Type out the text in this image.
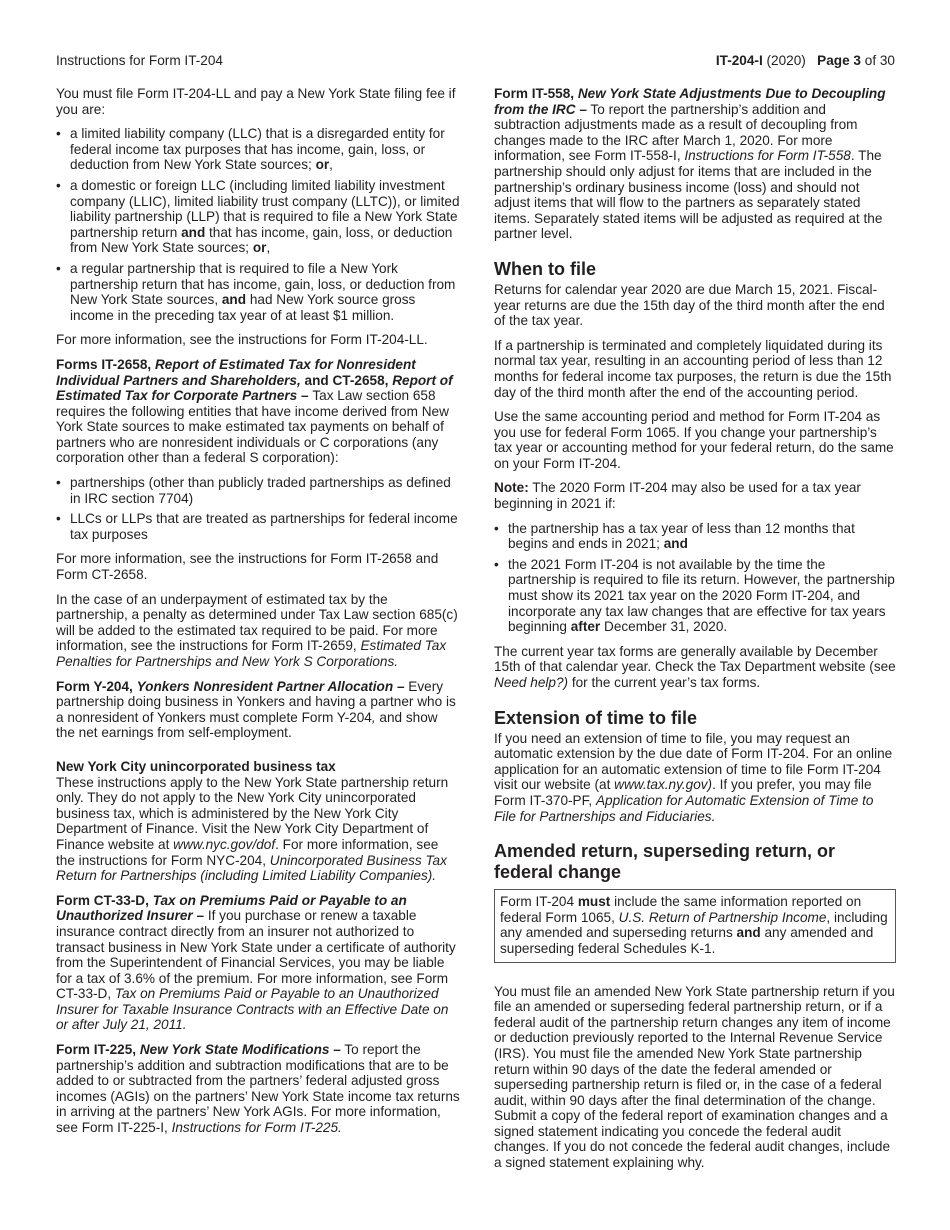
Instructions for Form IT-204	IT-204-I (2020) Page 3 of 30

You must file Form IT-204-LL and pay a New York State filing fee if you are:

• a limited liability company (LLC) that is a disregarded entity for federal income tax purposes that has income, gain, loss, or deduction from New York State sources; or,
• a domestic or foreign LLC (including limited liability investment company (LLIC), limited liability trust company (LLTC)), or limited liability partnership (LLP) that is required to file a New York State partnership return and that has income, gain, loss, or deduction from New York State sources; or,
• a regular partnership that is required to file a New York partnership return that has income, gain, loss, or deduction from New York State sources, and had New York source gross income in the preceding tax year of at least $1 million.

For more information, see the instructions for Form IT-204-LL.

Forms IT-2658, Report of Estimated Tax for Nonresident Individual Partners and Shareholders, and CT-2658, Report of Estimated Tax for Corporate Partners – Tax Law section 658 requires the following entities that have income derived from New York State sources to make estimated tax payments on behalf of partners who are nonresident individuals or C corporations (any corporation other than a federal S corporation):

• partnerships (other than publicly traded partnerships as defined in IRC section 7704)
• LLCs or LLPs that are treated as partnerships for federal income tax purposes

For more information, see the instructions for Form IT-2658 and Form CT-2658.

In the case of an underpayment of estimated tax by the partnership, a penalty as determined under Tax Law section 685(c) will be added to the estimated tax required to be paid. For more information, see the instructions for Form IT-2659, Estimated Tax Penalties for Partnerships and New York S Corporations.

Form Y-204, Yonkers Nonresident Partner Allocation – Every partnership doing business in Yonkers and having a partner who is a nonresident of Yonkers must complete Form Y-204, and show the net earnings from self-employment.

New York City unincorporated business tax

These instructions apply to the New York State partnership return only. They do not apply to the New York City unincorporated business tax, which is administered by the New York City Department of Finance. Visit the New York City Department of Finance website at www.nyc.gov/dof. For more information, see the instructions for Form NYC-204, Unincorporated Business Tax Return for Partnerships (including Limited Liability Companies).

Form CT-33-D, Tax on Premiums Paid or Payable to an Unauthorized Insurer – If you purchase or renew a taxable insurance contract directly from an insurer not authorized to transact business in New York State under a certificate of authority from the Superintendent of Financial Services, you may be liable for a tax of 3.6% of the premium. For more information, see Form CT-33-D, Tax on Premiums Paid or Payable to an Unauthorized Insurer for Taxable Insurance Contracts with an Effective Date on or after July 21, 2011.

Form IT-225, New York State Modifications – To report the partnership’s addition and subtraction modifications that are to be added to or subtracted from the partners’ federal adjusted gross incomes (AGIs) on the partners’ New York State income tax returns in arriving at the partners’ New York AGIs. For more information, see Form IT-225-I, Instructions for Form IT-225.

Form IT-558, New York State Adjustments Due to Decoupling from the IRC – To report the partnership’s addition and subtraction adjustments made as a result of decoupling from changes made to the IRC after March 1, 2020. For more information, see Form IT-558-I, Instructions for Form IT-558. The partnership should only adjust for items that are included in the partnership’s ordinary business income (loss) and should not adjust items that will flow to the partners as separately stated items. Separately stated items will be adjusted as required at the partner level.

When to file

Returns for calendar year 2020 are due March 15, 2021. Fiscal-year returns are due the 15th day of the third month after the end of the tax year.

If a partnership is terminated and completely liquidated during its normal tax year, resulting in an accounting period of less than 12 months for federal income tax purposes, the return is due the 15th day of the third month after the end of the accounting period.

Use the same accounting period and method for Form IT-204 as you use for federal Form 1065. If you change your partnership’s tax year or accounting method for your federal return, do the same on your Form IT-204.

Note: The 2020 Form IT-204 may also be used for a tax year beginning in 2021 if:

• the partnership has a tax year of less than 12 months that begins and ends in 2021; and
• the 2021 Form IT-204 is not available by the time the partnership is required to file its return. However, the partnership must show its 2021 tax year on the 2020 Form IT-204, and incorporate any tax law changes that are effective for tax years beginning after December 31, 2020.

The current year tax forms are generally available by December 15th of that calendar year. Check the Tax Department website (see Need help?) for the current year’s tax forms.

Extension of time to file

If you need an extension of time to file, you may request an automatic extension by the due date of Form IT-204. For an online application for an automatic extension of time to file Form IT-204 visit our website (at www.tax.ny.gov). If you prefer, you may file Form IT-370-PF, Application for Automatic Extension of Time to File for Partnerships and Fiduciaries.

Amended return, superseding return, or federal change
Form IT-204 must include the same information reported on federal Form 1065, U.S. Return of Partnership Income, including any amended and superseding returns and any amended and superseding federal Schedules K-1.

You must file an amended New York State partnership return if you file an amended or superseding federal partnership return, or if a federal audit of the partnership return changes any item of income or deduction previously reported to the Internal Revenue Service (IRS). You must file the amended New York State partnership return within 90 days of the date the federal amended or superseding partnership return is filed or, in the case of a federal audit, within 90 days after the final determination of the change. Submit a copy of the federal report of examination changes and a signed statement indicating you concede the federal audit changes. If you do not concede the federal audit changes, include a signed statement explaining why.
